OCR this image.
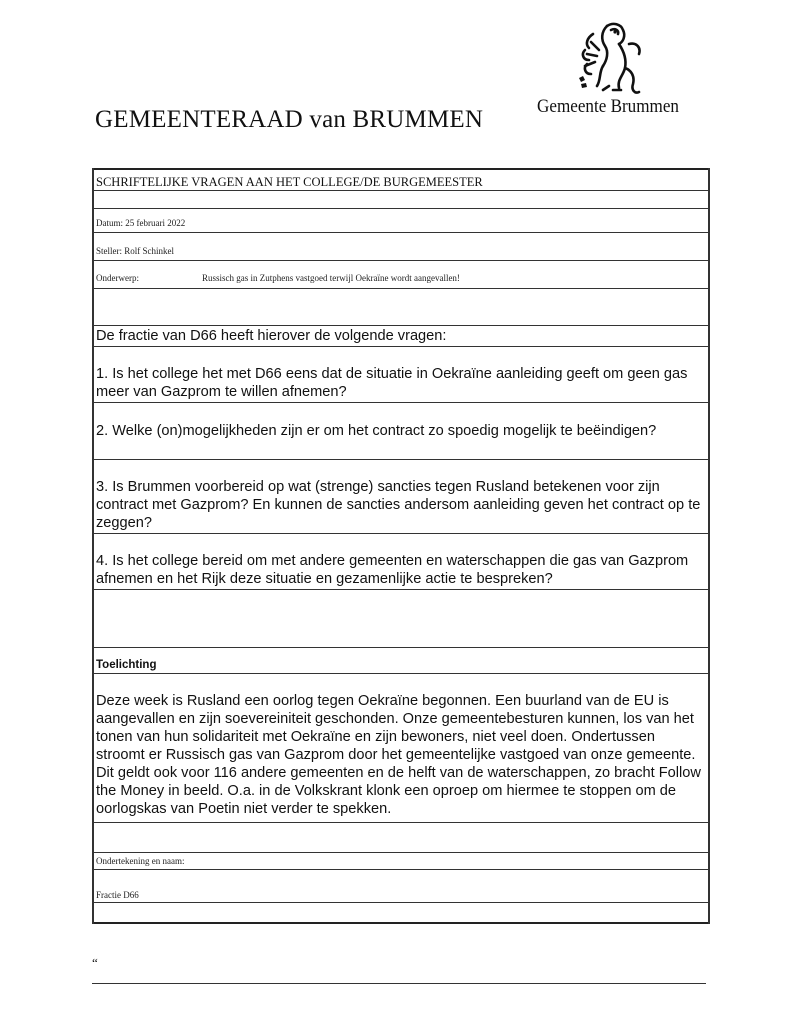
GEMEENTERAAD van BRUMMEN	Gemeente Brummen
SCHRIFTELIJKE VRAGEN AAN HET COLLEGE/DE BURGEMEESTER
Datum: 25 februari 2022
Steller: Rolf Schinkel
Onderwerp:	Russisch gas in Zutphens vastgoed terwijl Oekraïne wordt aangevallen!
De fractie van D66 heeft hierover de volgende vragen:
1. Is het college het met D66 eens dat de situatie in Oekraïne aanleiding geeft om geen gas meer van Gazprom te willen afnemen?
2. Welke (on)mogelijkheden zijn er om het contract zo spoedig mogelijk te beëindigen?
3. Is Brummen voorbereid op wat (strenge) sancties tegen Rusland betekenen voor zijn contract met Gazprom? En kunnen de sancties andersom aanleiding geven het contract op te zeggen?
4. Is het college bereid om met andere gemeenten en waterschappen die gas van Gazprom afnemen en het Rijk deze situatie en gezamenlijke actie te bespreken?
Toelichting
Deze week is Rusland een oorlog tegen Oekraïne begonnen. Een buurland van de EU is aangevallen en zijn soevereiniteit geschonden. Onze gemeentebesturen kunnen, los van het tonen van hun solidariteit met Oekraïne en zijn bewoners, niet veel doen. Ondertussen stroomt er Russisch gas van Gazprom door het gemeentelijke vastgoed van onze gemeente. Dit geldt ook voor 116 andere gemeenten en de helft van de waterschappen, zo bracht Follow the Money in beeld. O.a. in de Volkskrant klonk een oproep om hiermee te stoppen om de oorlogskas van Poetin niet verder te spekken.
Ondertekening en naam:
Fractie D66
“
